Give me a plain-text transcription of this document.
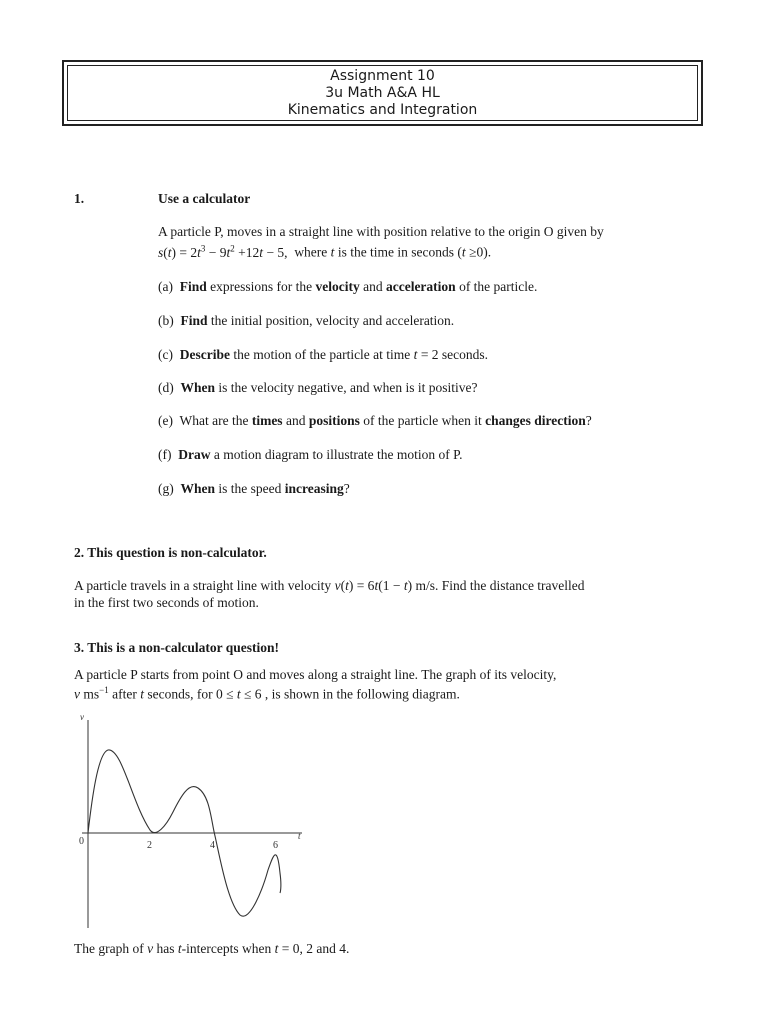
Assignment 10
3u Math A&A HL
Kinematics and Integration
1.	Use a calculator
A particle P, moves in a straight line with position relative to the origin O given by
$s(t) = 2t^3 - 9t^2 +12t - 5$,  where t is the time in seconds (t ≥0).
(a)  Find expressions for the velocity and acceleration of the particle.
(b)  Find the initial position, velocity and acceleration.
(c)  Describe the motion of the particle at time t = 2 seconds.
(d)  When is the velocity negative, and when is it positive?
(e)  What are the times and positions of the particle when it changes direction?
(f)  Draw a motion diagram to illustrate the motion of P.
(g)  When is the speed increasing?
2. This question is non-calculator.
A particle travels in a straight line with velocity v(t) = 6t(1 − t) m/s. Find the distance travelled
in the first two seconds of motion.
3. This is a non-calculator question!
A particle P starts from point O and moves along a straight line. The graph of its velocity,
v $ms^{-1}$ after t seconds, for 0 ≤ t ≤ 6 , is shown in the following diagram.
v
t
0	2	4	6
The graph of v has t-intercepts when t = 0, 2 and 4.
